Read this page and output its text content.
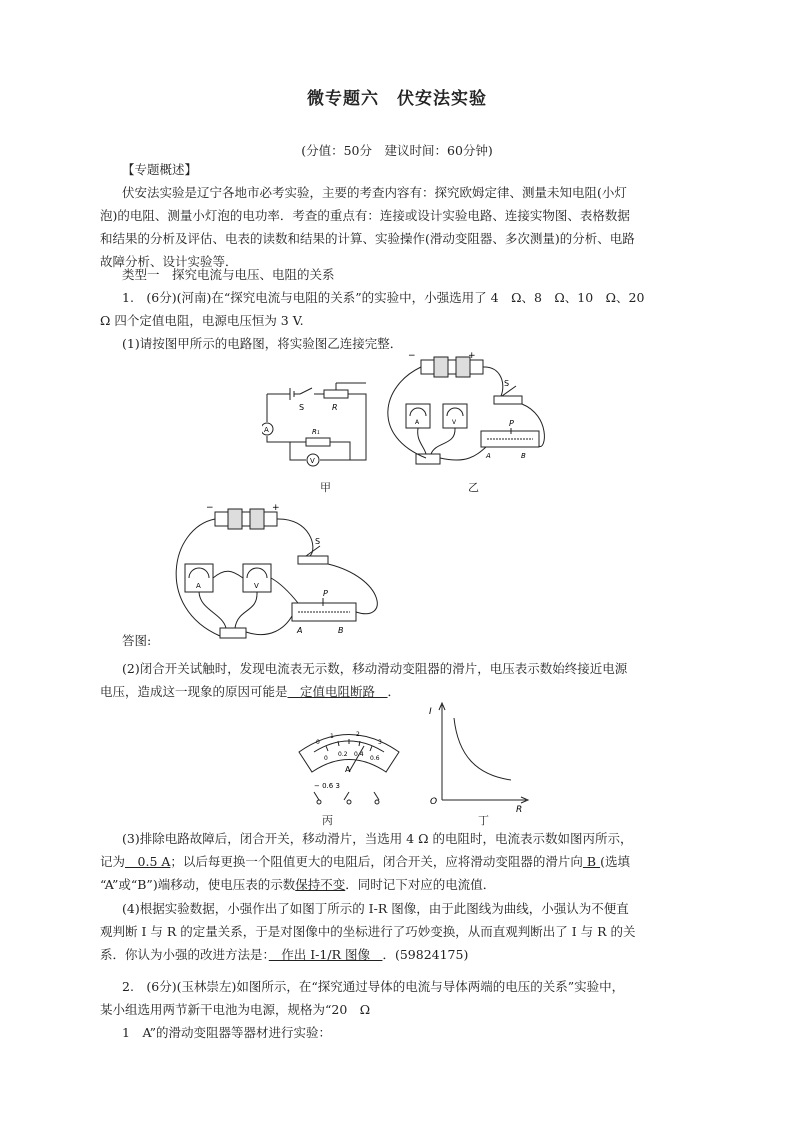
微专题六　伏安法实验
(分值：50分　建议时间：60分钟)
【专题概述】
伏安法实验是辽宁各地市必考实验，主要的考查内容有：探究欧姆定律、测量未知电阻(小灯
泡)的电阻、测量小灯泡的电功率．考查的重点有：连接或设计实验电路、连接实物图、表格数据
和结果的分析及评估、电表的读数和结果的计算、实验操作(滑动变阻器、多次测量)的分析、电路
故障分析、设计实验等．
类型一　探究电流与电压、电阻的关系
1.　(6分)(河南)在“探究电流与电阻的关系”的实验中，小强选用了 4　Ω、8　Ω、10　Ω、20
Ω 四个定值电阻，电源电压恒为 3 V.
(1)请按图甲所示的电路图，将实验图乙连接完整．
S	R
R₁
A
V
甲
−	+
S
P
A	B
A	V
乙
−	+
S
P
A	B
A	V
答图:
(2)闭合开关试触时，发现电流表无示数，移动滑动变阻器的滑片，电压表示数始终接近电源
电压，造成这一现象的原因可能是　定值电阻断路　．
0
1	2
3
0
0.2 0.4
0.6
A
− 0.6 3
丙
I
R
O
丁
(3)排除电路故障后，闭合开关，移动滑片，当选用 4 Ω 的电阻时，电流表示数如图丙所示，
记为　0.5 A；以后每更换一个阻值更大的电阻后，闭合开关，应将滑动变阻器的滑片向 B (选填
“A”或“B”)端移动，使电压表的示数保持不变．同时记下对应的电流值．
(4)根据实验数据，小强作出了如图丁所示的 I-R 图像，由于此图线为曲线，小强认为不便直
观判断 I 与 R 的定量关系，于是对图像中的坐标进行了巧妙变换，从而直观判断出了 I 与 R 的关
系．你认为小强的改进方法是：　作出 I-1/R 图像　．(59824175)
2.　(6分)(玉林崇左)如图所示，在“探究通过导体的电流与导体两端的电压的关系”实验中，
某小组选用两节新干电池为电源，规格为“20　Ω
1　A”的滑动变阻器等器材进行实验：
